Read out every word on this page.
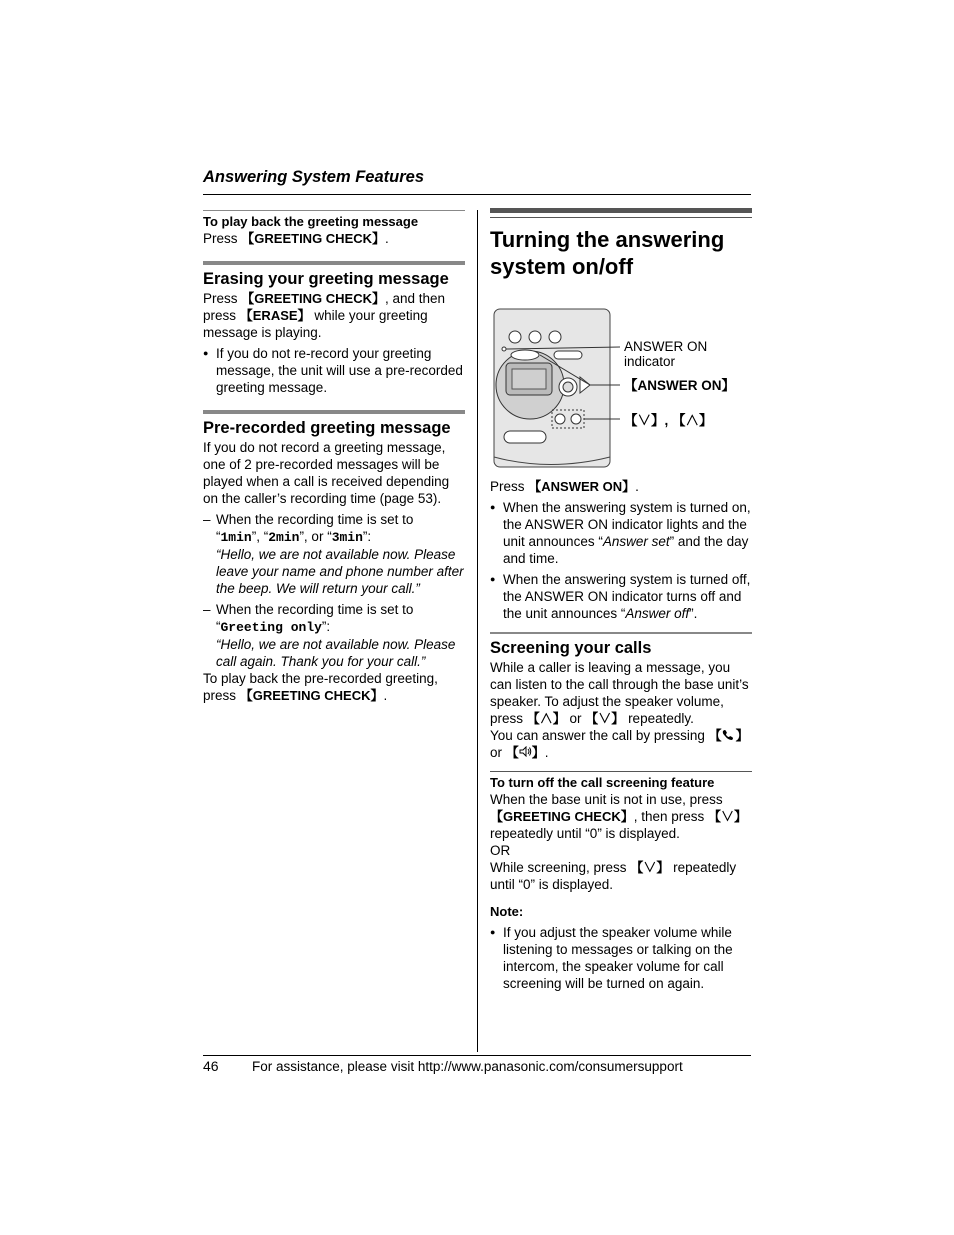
Answering System Features
To play back the greeting message

Press 【GREETING CHECK】.

Erasing your greeting message

Press 【GREETING CHECK】, and then
press 【ERASE】 while your greeting
message is playing.

● If you do not re-record your greeting message, the unit will use a pre-recorded greeting message.

Pre-recorded greeting message

If you do not record a greeting message, one of 2 pre-recorded messages will be played when a call is received depending on the caller’s recording time (page 53).

– When the recording time is set to
“1min”, “2min”, or “3min”:
“Hello, we are not available now. Please leave your name and phone number after the beep. We will return your call.”
– When the recording time is set to
“Greeting only”:
“Hello, we are not available now. Please call again. Thank you for your call.”

To play back the pre-recorded greeting,
press 【GREETING CHECK】.

Turning the answering
system on/off
ANSWER ON
indicator
【ANSWER ON】
【∨】, 【∧】

Press 【ANSWER ON】.

● When the answering system is turned on, the ANSWER ON indicator lights and the unit announces “Answer set” and the day and time.

● When the answering system is turned off, the ANSWER ON indicator turns off and the unit announces “Answer off”.

Screening your calls

While a caller is leaving a message, you can listen to the call through the base unit’s speaker. To adjust the speaker volume,
press 【∧】 or 【∨】 repeatedly.
You can answer the call by pressing 【 】
or 【 】.

To turn off the call screening feature

When the base unit is not in use, press
【GREETING CHECK】, then press 【∨】
repeatedly until “0” is displayed.
OR
While screening, press 【∨】 repeatedly
until “0” is displayed.

Note:

● If you adjust the speaker volume while listening to messages or talking on the intercom, the speaker volume for call screening will be turned on again.

46 For assistance, please visit http://www.panasonic.com/consumersupport
